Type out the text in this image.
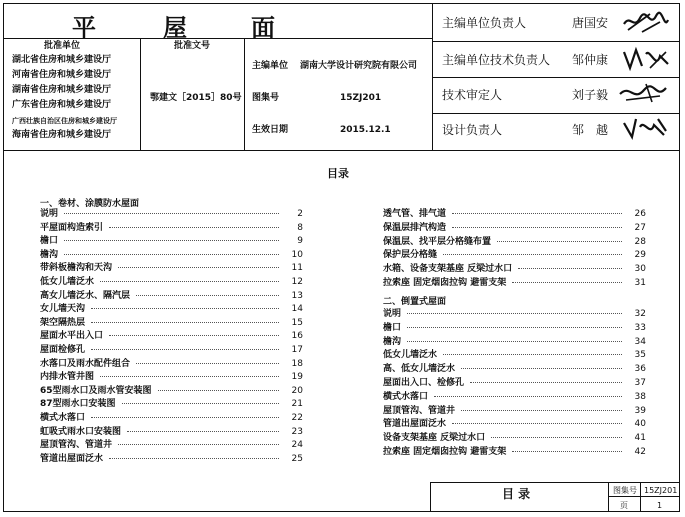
平	屋	面
批准单位	批准文号
湖北省住房和城乡建设厅
河南省住房和城乡建设厅
湖南省住房和城乡建设厅
广东省住房和城乡建设厅
广西壮族自治区住房和城乡建设厅
海南省住房和城乡建设厅
鄂建文［2015］80号
主编单位 湖南大学设计研究院有限公司
图集号	15ZJ201
生效日期	2015.12.1
主编单位负责人	唐国安
主编单位技术负责人 邹仲康
技术审定人	刘子毅
设计负责人	邹　越
目录
一、卷材、涂膜防水屋面
说明	2
平屋面构造索引	8
檐口	9
檐沟	10
带斜板檐沟和天沟	11
低女儿墙泛水	12
高女儿墙泛水、隔汽层	13
女儿墙天沟	14
架空隔热层	15
屋面水平出入口	16
屋面检修孔	17
水落口及雨水配件组合	18
内排水管井图	19
65型雨水口及雨水管安装图	20
87型雨水口安装图	21
横式水落口	22
虹吸式雨水口安装图	23
屋顶管沟、管道井	24
管道出屋面泛水	25
透气管、排气道	26
保温层排汽构造	27
保温层、找平层分格缝布置	28
保护层分格缝	29
水箱、设备支架基座 反梁过水口	30
拉索座 固定烟囱拉钩 避雷支架	31
二、倒置式屋面
说明	32
檐口	33
檐沟	34
低女儿墙泛水	35
高、低女儿墙泛水	36
屋面出入口、检修孔	37
横式水落口	38
屋顶管沟、管道井	39
管道出屋面泛水	40
设备支架基座 反梁过水口	41
拉索座 固定烟囱拉钩 避雷支架	42
目 录	图集号 15ZJ201
页	1
